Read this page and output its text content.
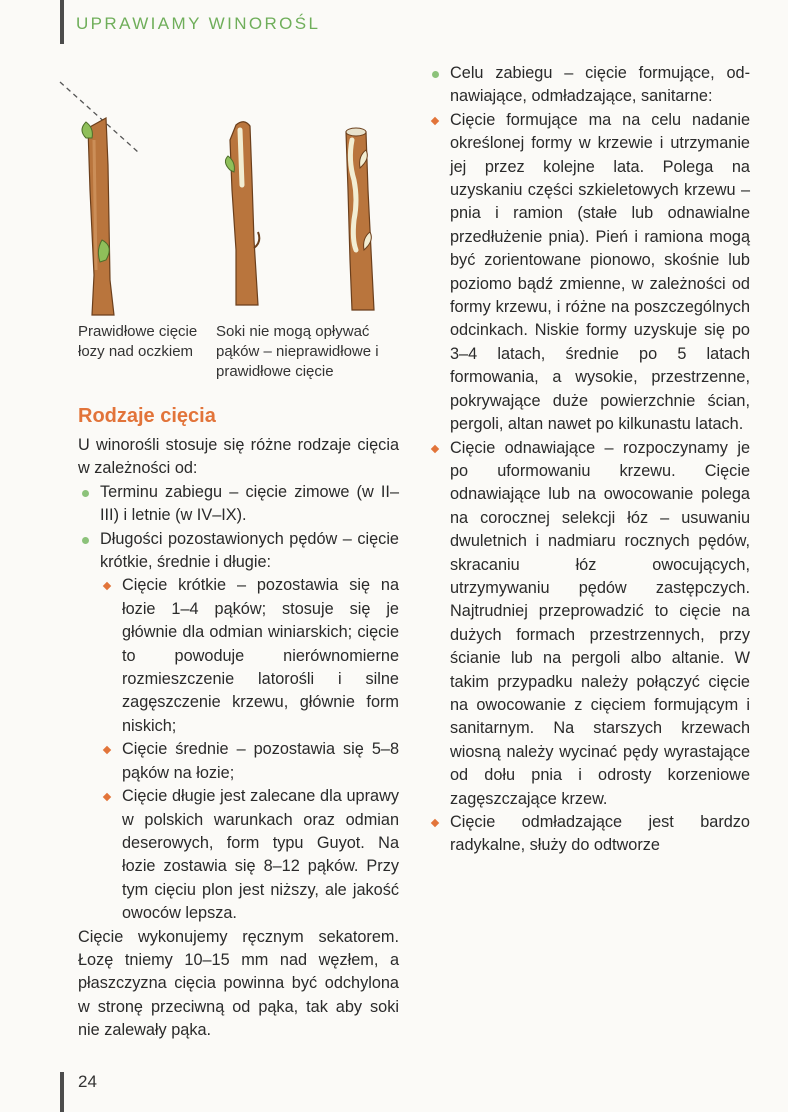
UPRAWIAMY WINOROŚL
Prawidłowe cięcie łozy nad oczkiem
Soki nie mogą opływać pąków – nieprawidłowe i prawidłowe cięcie
Rodzaje cięcia

U winorośli stosuje się różne rodzaje cięcia w zależności od:

Terminu zabiegu – cięcie zimowe (w II–III) i letnie (w IV–IX).
Długości pozostawionych pędów – cięcie krótkie, średnie i długie:
Cięcie krótkie – pozostawia się na łozie 1–4 pąków; stosuje się je głównie dla odmian winiarskich; cięcie to powoduje nierównomierne rozmieszczenie latorośli i silne zagęszczenie krzewu, głównie form niskich;
Cięcie średnie – pozostawia się 5–8 pąków na łozie;
Cięcie długie jest zalecane dla uprawy w polskich warunkach oraz odmian deserowych, form typu Guyot. Na łozie zostawia się 8–12 pąków. Przy tym cięciu plon jest niższy, ale jakość owoców lepsza.

Cięcie wykonujemy ręcznym sekatorem. Łozę tniemy 10–15 mm nad węzłem, a płaszczyzna cięcia powinna być odchylona w stronę przeciwną od pąka, tak aby soki nie zalewały pąka.

Celu zabiegu – cięcie formujące, odnawiające, odmładzające, sanitarne:
Cięcie formujące ma na celu nadanie określonej formy w krzewie i utrzymanie jej przez kolejne lata. Polega na uzyskaniu części szkieletowych krzewu – pnia i ramion (stałe lub odnawialne przedłużenie pnia). Pień i ramiona mogą być zorientowane pionowo, skośnie lub poziomo bądź zmienne, w zależności od formy krzewu, i różne na poszczególnych odcinkach. Niskie formy uzyskuje się po 3–4 latach, średnie po 5 latach formowania, a wysokie, przestrzenne, pokrywające duże powierzchnie ścian, pergoli, altan nawet po kilkunastu latach.
Cięcie odnawiające – rozpoczynamy je po uformowaniu krzewu. Cięcie odnawiające lub na owocowanie polega na corocznej selekcji łóz – usuwaniu dwuletnich i nadmiaru rocznych pędów, skracaniu łóz owocujących, utrzymywaniu pędów zastępczych. Najtrudniej przeprowadzić to cięcie na dużych formach przestrzennych, przy ścianie lub na pergoli albo altanie. W takim przypadku należy połączyć cięcie na owocowanie z cięciem formującym i sanitarnym. Na starszych krzewach wiosną należy wycinać pędy wyrastające od dołu pnia i odrosty korzeniowe zagęszczające krzew.
Cięcie odmładzające jest bardzo radykalne, służy do odtworze
24
